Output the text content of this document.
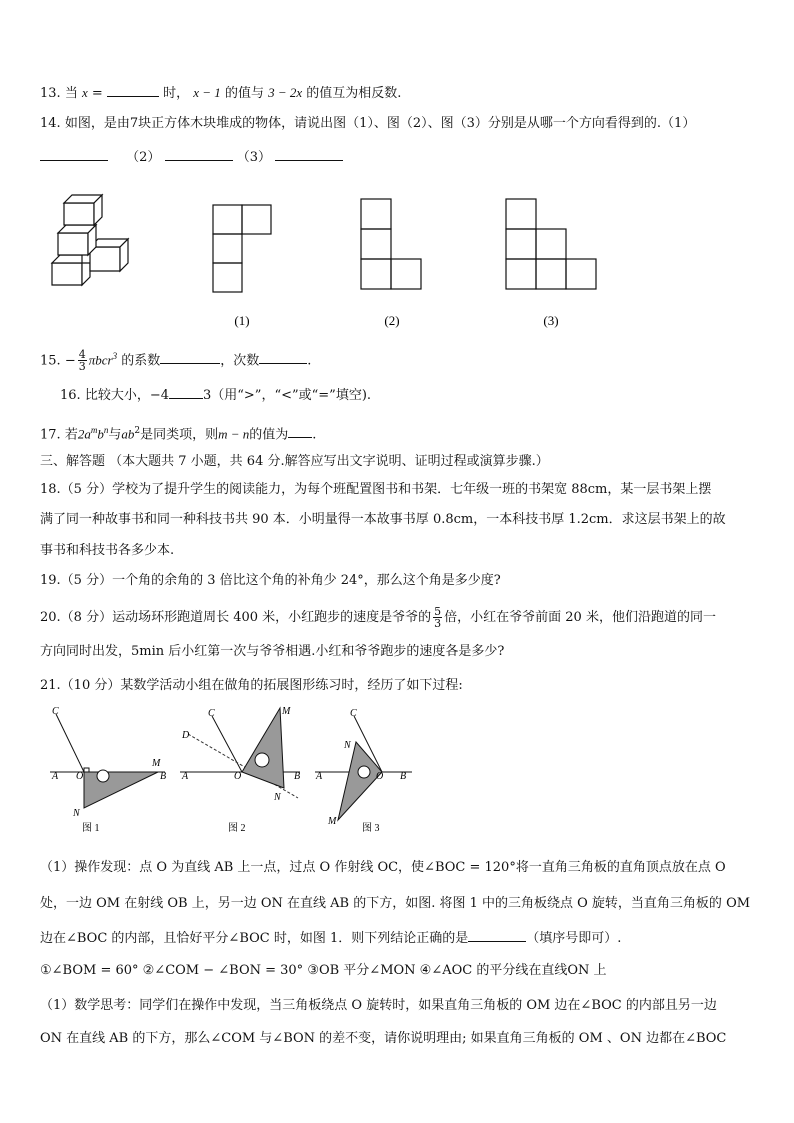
13. 当 x =	时， x − 1 的值与 3 − 2x 的值互为相反数.
14. 如图，是由7块正方体木块堆成的物体，请说出图（1）、图（2）、图（3）分别是从哪一个方向看得到的.（1）
（2）	（3）
(1)	(2)	(3)
15. − $\frac{4}{3} \pi bcr^3$ 的系数	，次数	.
16. 比较大小，−4	3（用“>”，“<”或“=”填空).
17. 若$2a^mb^n$与$ab^2$是同类项，则m − n的值为 .
三、解答题 （本大题共 7 小题，共 64 分.解答应写出文字说明、证明过程或演算步骤.）
18.（5 分）学校为了提升学生的阅读能力，为每个班配置图书和书架．七年级一班的书架宽 88cm，某一层书架上摆
满了同一种故事书和同一种科技书共 90 本．小明量得一本故事书厚 0.8cm，一本科技书厚 1.2cm．求这层书架上的故
事书和科技书各多少本.
19.（5 分）一个角的余角的 3 倍比这个角的补角少 24°，那么这个角是多少度?
20.（8 分）运动场环形跑道周长 400 米，小红跑步的速度是爷爷的 $\frac{5}{3}$ 倍，小红在爷爷前面 20 米，他们沿跑道的同一
方向同时出发，5min 后小红第一次与爷爷相遇.小红和爷爷跑步的速度各是多少?
21.（10 分）某数学活动小组在做角的拓展图形练习时，经历了如下过程:
C
A O
M
B
N
图 1
C
D
A	O
M
B
N
图 2
C
A	O B
N
M
图 3
（1）操作发现：点 O 为直线 AB 上一点，过点 O 作射线 OC，使∠BOC = 120°将一直角三角板的直角顶点放在点 O
处，一边 OM 在射线 OB 上，另一边 ON 在直线 AB 的下方，如图. 将图 1 中的三角板绕点 O 旋转，当直角三角板的 OM
边在∠BOC 的内部，且恰好平分∠BOC 时，如图 1．则下列结论正确的是	（填序号即可）.
①∠BOM = 60° ②∠COM − ∠BON = 30° ③OB 平分∠MON ④∠AOC 的平分线在直线ON 上
（1）数学思考：同学们在操作中发现，当三角板绕点 O 旋转时，如果直角三角板的 OM 边在∠BOC 的内部且另一边
ON 在直线 AB 的下方，那么∠COM 与∠BON 的差不变，请你说明理由; 如果直角三角板的 OM 、ON 边都在∠BOC
